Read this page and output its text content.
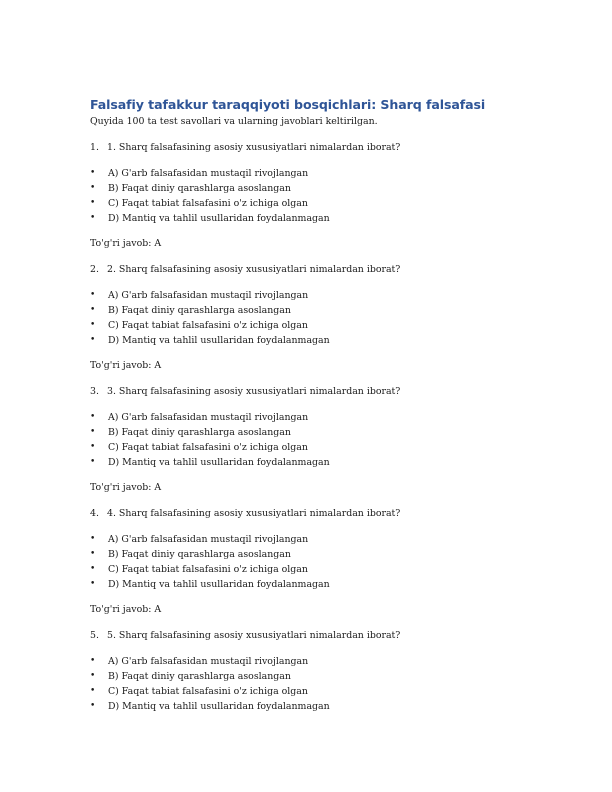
Falsafiy tafakkur taraqqiyoti bosqichlari: Sharq falsafasi

Quyida 100 ta test savollari va ularning javoblari keltirilgan.

1. 1. Sharq falsafasining asosiy xususiyatlari nimalardan iborat?
•	A) G'arb falsafasidan mustaqil rivojlangan
•	B) Faqat diniy qarashlarga asoslangan
•	C) Faqat tabiat falsafasini o'z ichiga olgan
•	D) Mantiq va tahlil usullaridan foydalanmagan
To'g'ri javob: A
2. 2. Sharq falsafasining asosiy xususiyatlari nimalardan iborat?
•	A) G'arb falsafasidan mustaqil rivojlangan
•	B) Faqat diniy qarashlarga asoslangan
•	C) Faqat tabiat falsafasini o'z ichiga olgan
•	D) Mantiq va tahlil usullaridan foydalanmagan
To'g'ri javob: A
3. 3. Sharq falsafasining asosiy xususiyatlari nimalardan iborat?
•	A) G'arb falsafasidan mustaqil rivojlangan
•	B) Faqat diniy qarashlarga asoslangan
•	C) Faqat tabiat falsafasini o'z ichiga olgan
•	D) Mantiq va tahlil usullaridan foydalanmagan
To'g'ri javob: A
4. 4. Sharq falsafasining asosiy xususiyatlari nimalardan iborat?
•	A) G'arb falsafasidan mustaqil rivojlangan
•	B) Faqat diniy qarashlarga asoslangan
•	C) Faqat tabiat falsafasini o'z ichiga olgan
•	D) Mantiq va tahlil usullaridan foydalanmagan
To'g'ri javob: A
5. 5. Sharq falsafasining asosiy xususiyatlari nimalardan iborat?
•	A) G'arb falsafasidan mustaqil rivojlangan
•	B) Faqat diniy qarashlarga asoslangan
•	C) Faqat tabiat falsafasini o'z ichiga olgan
•	D) Mantiq va tahlil usullaridan foydalanmagan
